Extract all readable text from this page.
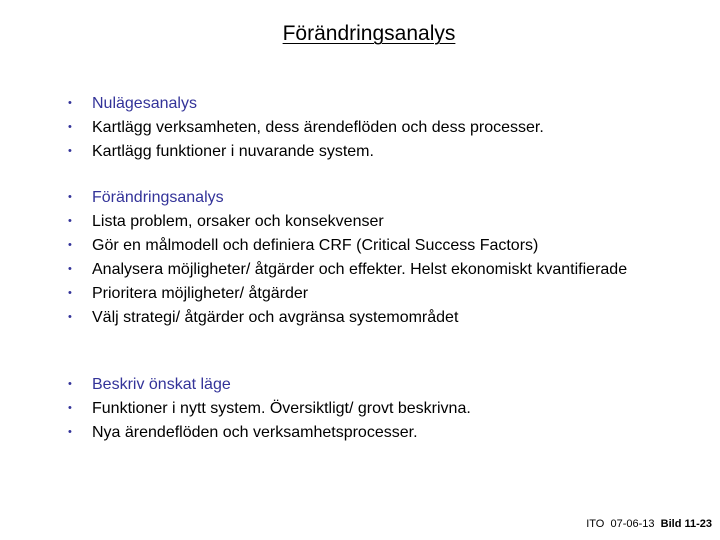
Förändringsanalys
• Nulägesanalys
• Kartlägg verksamheten, dess ärendeflöden och dess processer.
• Kartlägg funktioner i nuvarande system.
• Förändringsanalys
• Lista problem, orsaker och konsekvenser
• Gör en målmodell och definiera CRF (Critical Success Factors)
• Analysera möjligheter/ åtgärder och effekter. Helst ekonomiskt kvantifierade
• Prioritera möjligheter/ åtgärder
• Välj strategi/ åtgärder och avgränsa systemområdet
• Beskriv önskat läge
• Funktioner i nytt system. Översiktligt/ grovt beskrivna.
• Nya ärendeflöden och verksamhetsprocesser.
ITO 07-06-13 Bild 11-23
